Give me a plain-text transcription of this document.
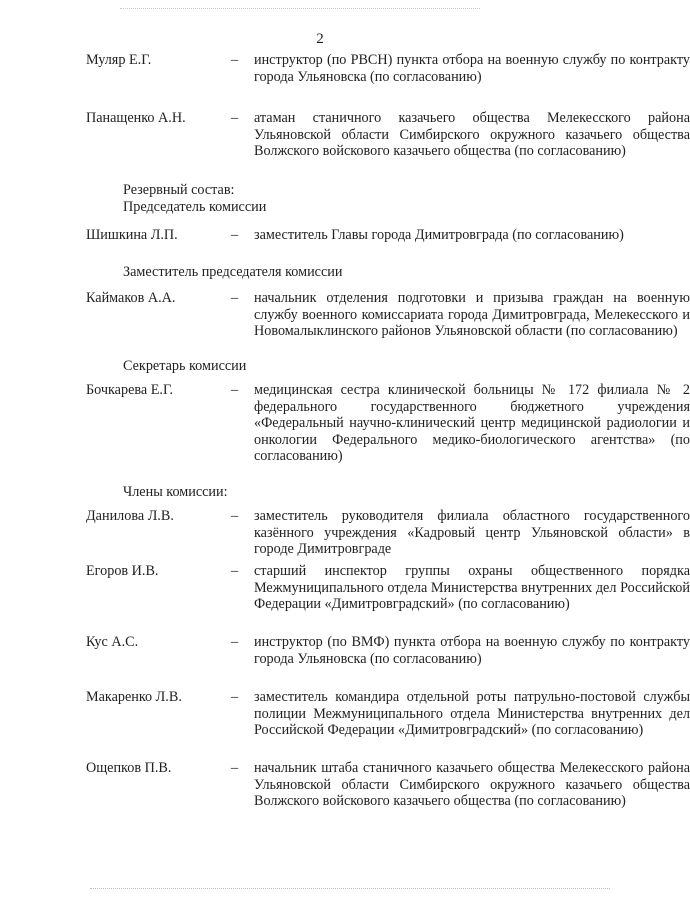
2
Муляр Е.Г.	– инструктор (по РВСН) пункта отбора на военную службу по контракту города Ульяновска (по согласованию)
Панащенко А.Н.	– атаман станичного казачьего общества Мелекесского района Ульяновской области Симбирского окружного казачьего общества Волжского войскового казачьего общества (по согласованию)
Резервный состав:
Председатель комиссии
Шишкина Л.П.	– заместитель Главы города Димитровграда (по согласованию)
Заместитель председателя комиссии
Каймаков А.А.	– начальник отделения подготовки и призыва граждан на военную службу военного комиссариата города Димитровграда, Мелекесского и Новомалыклинского районов Ульяновской области (по согласованию)
Секретарь комиссии
Бочкарева Е.Г.	– медицинская сестра клинической больницы № 172 филиала № 2 федерального государственного бюджетного учреждения «Федеральный научно-клинический центр медицинской радиологии и онкологии Федерального медико-биологического агентства» (по согласованию)
Члены комиссии:
Данилова Л.В.	– заместитель руководителя филиала областного государственного казённого учреждения «Кадровый центр Ульяновской области» в городе Димитровграде
Егоров И.В.	– старший инспектор группы охраны общественного порядка Межмуниципального отдела Министерства внутренних дел Российской Федерации «Димитровградский» (по согласованию)
Кус А.С.	– инструктор (по ВМФ) пункта отбора на военную службу по контракту города Ульяновска (по согласованию)
Макаренко Л.В.	– заместитель командира отдельной роты патрульно-постовой службы полиции Межмуниципального отдела Министерства внутренних дел Российской Федерации «Димитровградский» (по согласованию)
Ощепков П.В.	– начальник штаба станичного казачьего общества Мелекесского района Ульяновской области Симбирского окружного казачьего общества Волжского войскового казачьего общества (по согласованию)
